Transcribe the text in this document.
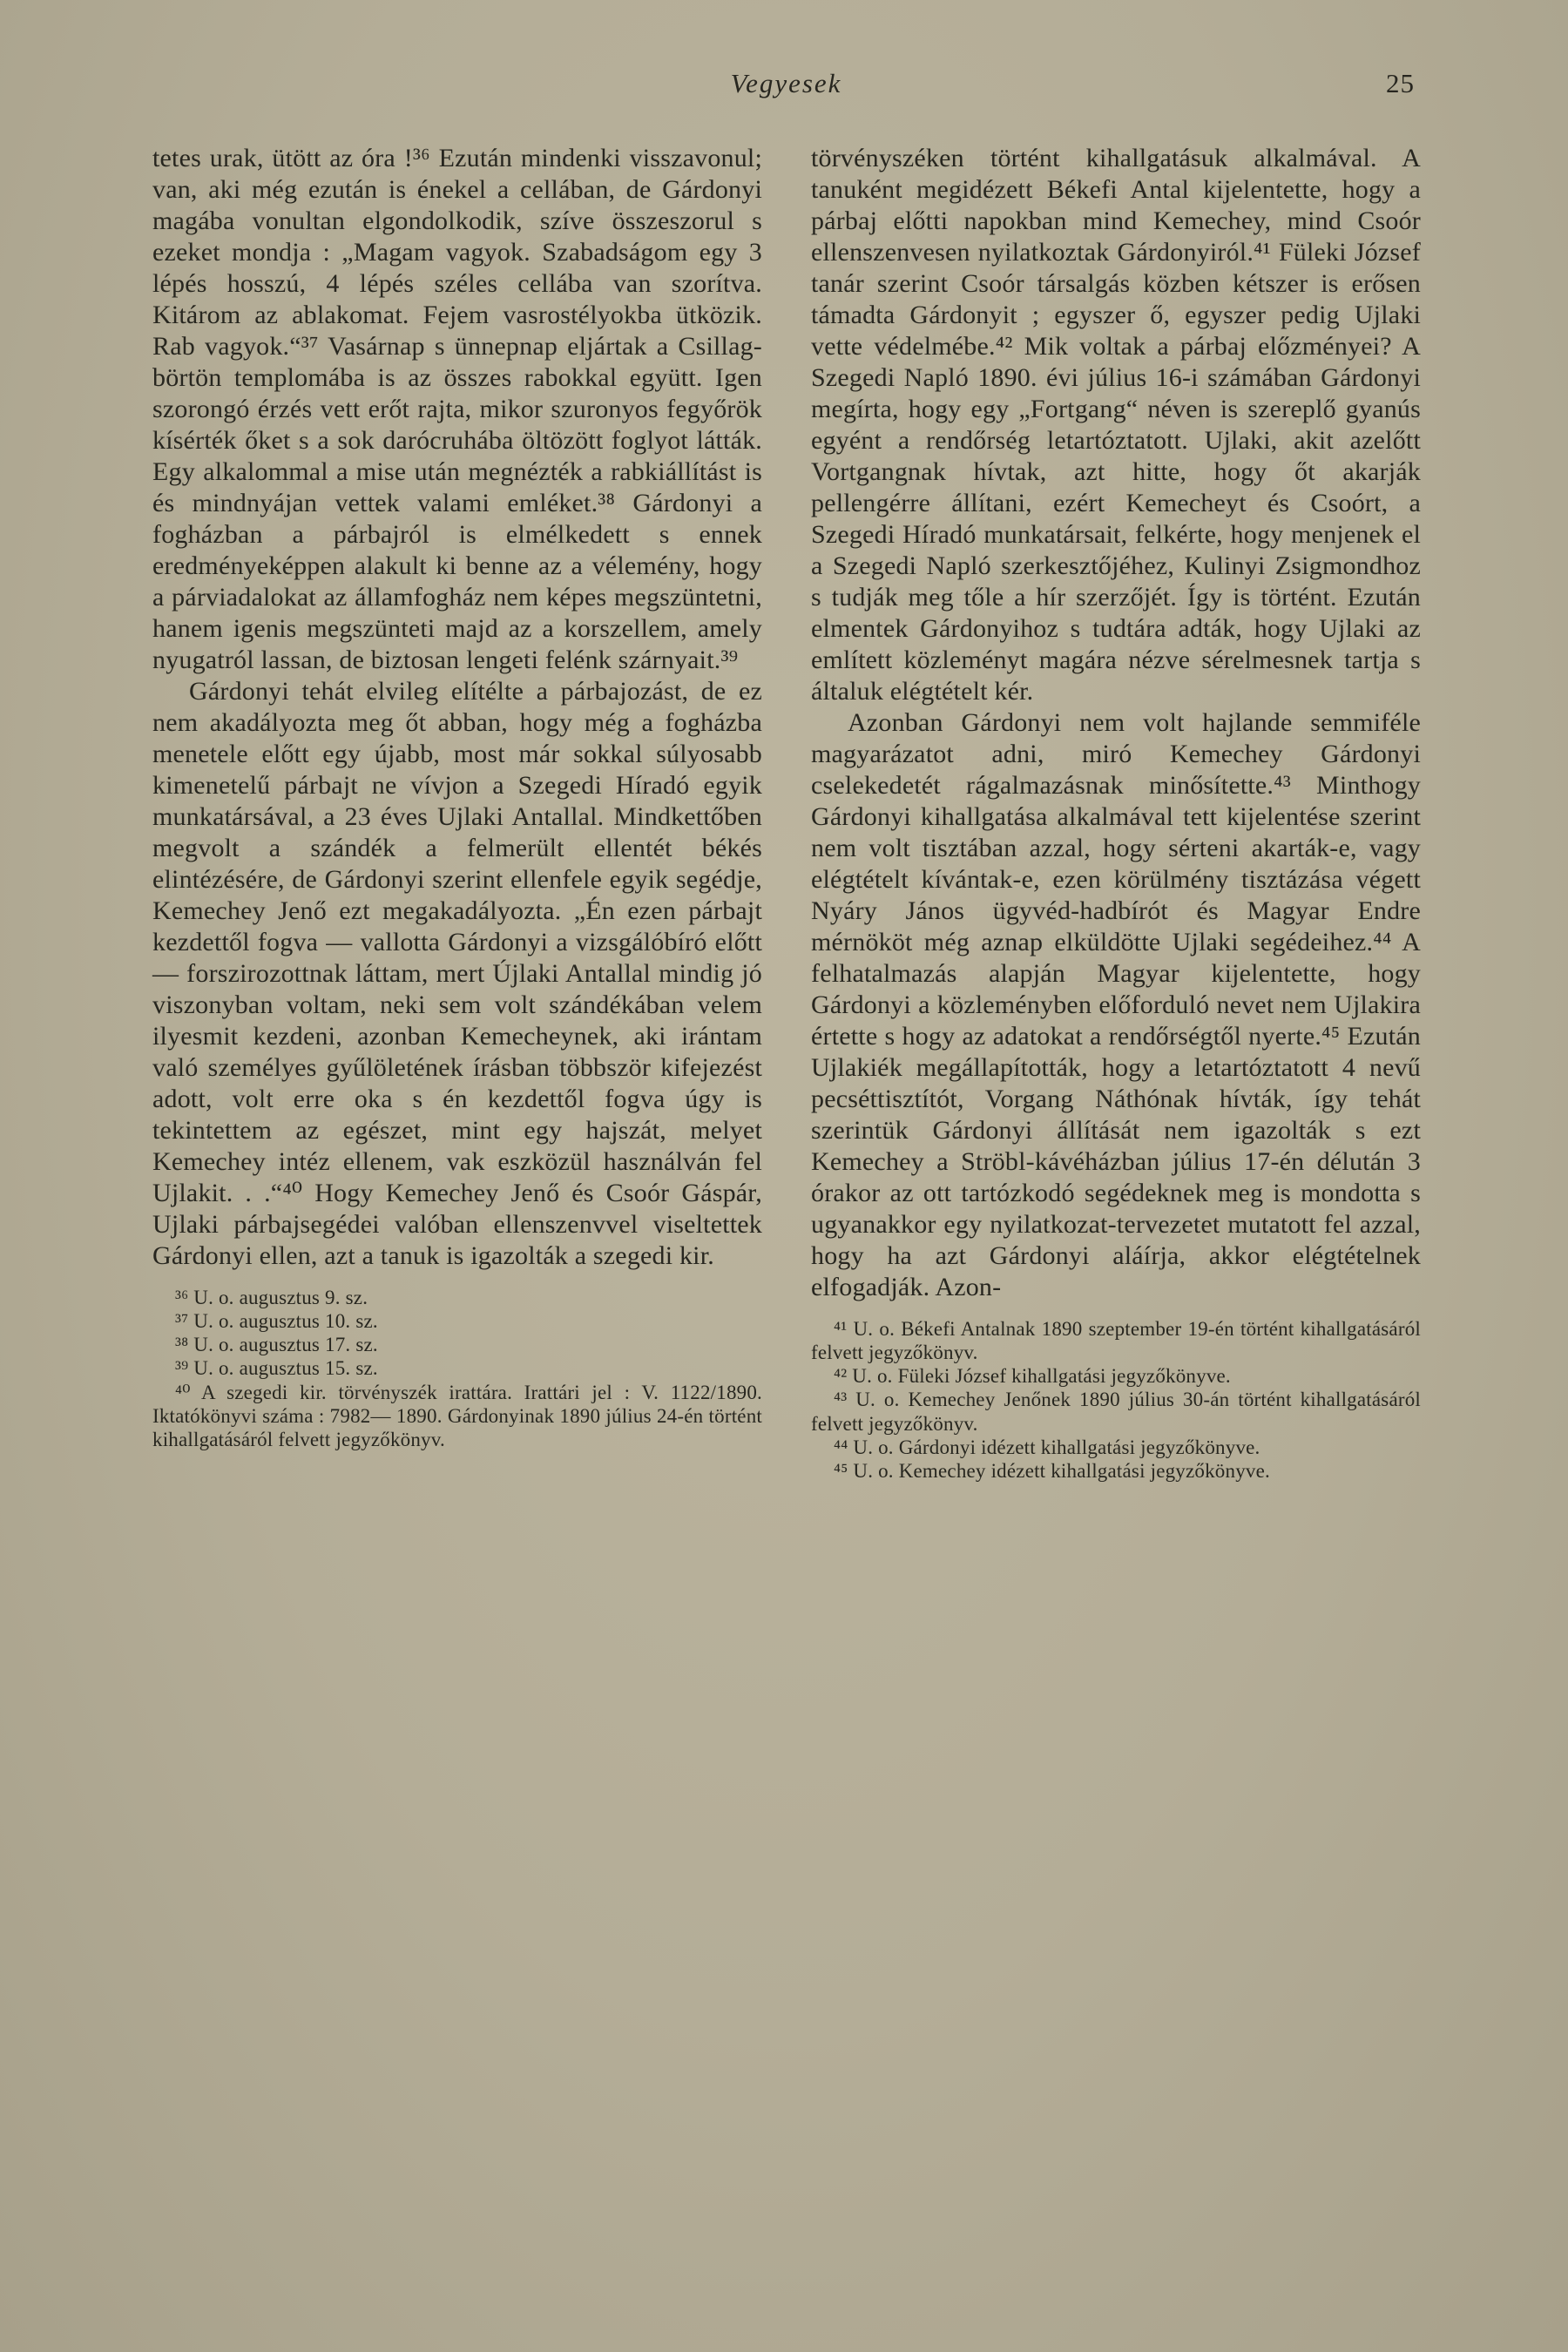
Vegyesek	25

tetes urak, ütött az óra !³⁶ Ezután mindenki visszavonul; van, aki még ezután is énekel a cellában, de Gárdonyi magába vonultan elgondolkodik, szíve összeszorul s ezeket mondja : „Magam vagyok. Szabadságom egy 3 lépés hosszú, 4 lépés széles cellába van szorítva. Kitárom az ablakomat. Fejem vasrostélyokba ütközik. Rab vagyok.“³⁷ Vasárnap s ünnepnap eljártak a Csillag-börtön templomába is az összes rabokkal együtt. Igen szorongó érzés vett erőt rajta, mikor szuronyos fegyőrök kísérték őket s a sok darócruhába öltözött foglyot látták. Egy alkalommal a mise után megnézték a rabkiállítást is és mindnyájan vettek valami emléket.³⁸ Gárdonyi a fogházban a párbajról is elmélkedett s ennek eredményeképpen alakult ki benne az a vélemény, hogy a párviadalokat az államfogház nem képes megszüntetni, hanem igenis megszünteti majd az a korszellem, amely nyugatról lassan, de biztosan lengeti felénk szárnyait.³⁹

Gárdonyi tehát elvileg elítélte a párbajozást, de ez nem akadályozta meg őt abban, hogy még a fogházba menetele előtt egy újabb, most már sokkal súlyosabb kimenetelű párbajt ne vívjon a Szegedi Híradó egyik munkatársával, a 23 éves Ujlaki Antallal. Mindkettőben megvolt a szándék a felmerült ellentét békés elintézésére, de Gárdonyi szerint ellenfele egyik segédje, Kemechey Jenő ezt megakadályozta. „Én ezen párbajt kezdettől fogva — vallotta Gárdonyi a vizsgálóbíró előtt — forszirozottnak láttam, mert Újlaki Antallal mindig jó viszonyban voltam, neki sem volt szándékában velem ilyesmit kezdeni, azonban Kemecheynek, aki irántam való személyes gyűlöletének írásban többször kifejezést adott, volt erre oka s én kezdettől fogva úgy is tekintettem az egészet, mint egy hajszát, melyet Kemechey intéz ellenem, vak eszközül használván fel Ujlakit. . .“⁴⁰ Hogy Kemechey Jenő és Csoór Gáspár, Ujlaki párbajsegédei valóban ellenszenvvel viseltettek Gárdonyi ellen, azt a tanuk is igazolták a szegedi kir.

³⁶ U. o. augusztus 9. sz.

³⁷ U. o. augusztus 10. sz.

³⁸ U. o. augusztus 17. sz.

³⁹ U. o. augusztus 15. sz.

⁴⁰ A szegedi kir. törvényszék irattára. Irattári jel : V. 1122/1890. Iktatókönyvi száma : 7982— 1890. Gárdonyinak 1890 július 24-én történt kihallgatásáról felvett jegyzőkönyv.

törvényszéken történt kihallgatásuk alkalmával. A tanuként megidézett Békefi Antal kijelentette, hogy a párbaj előtti napokban mind Kemechey, mind Csoór ellenszenvesen nyilatkoztak Gárdonyiról.⁴¹ Füleki József tanár szerint Csoór társalgás közben kétszer is erősen támadta Gárdonyit ; egyszer ő, egyszer pedig Ujlaki vette védelmébe.⁴² Mik voltak a párbaj előzményei? A Szegedi Napló 1890. évi július 16-i számában Gárdonyi megírta, hogy egy „Fortgang“ néven is szereplő gyanús egyént a rendőrség letartóztatott. Ujlaki, akit azelőtt Vortgangnak hívtak, azt hitte, hogy őt akarják pellengérre állítani, ezért Kemecheyt és Csoórt, a Szegedi Híradó munkatársait, felkérte, hogy menjenek el a Szegedi Napló szerkesztőjéhez, Kulinyi Zsigmondhoz s tudják meg tőle a hír szerzőjét. Így is történt. Ezután elmentek Gárdonyihoz s tudtára adták, hogy Ujlaki az említett közleményt magára nézve sérelmesnek tartja s általuk elégtételt kér.

Azonban Gárdonyi nem volt hajlande semmiféle magyarázatot adni, miró Kemechey Gárdonyi cselekedetét rágalmazásnak minősítette.⁴³ Minthogy Gárdonyi kihallgatása alkalmával tett kijelentése szerint nem volt tisztában azzal, hogy sérteni akarták-e, vagy elégtételt kívántak-e, ezen körülmény tisztázása végett Nyáry János ügyvéd-hadbírót és Magyar Endre mérnököt még aznap elküldötte Ujlaki segédeihez.⁴⁴ A felhatalmazás alapján Magyar kijelentette, hogy Gárdonyi a közleményben előforduló nevet nem Ujlakira értette s hogy az adatokat a rendőrségtől nyerte.⁴⁵ Ezután Ujlakiék megállapították, hogy a letartóztatott 4 nevű pecséttisztítót, Vorgang Náthónak hívták, így tehát szerintük Gárdonyi állítását nem igazolták s ezt Kemechey a Ströbl-kávéházban július 17-én délután 3 órakor az ott tartózkodó segédeknek meg is mondotta s ugyanakkor egy nyilatkozat-tervezetet mutatott fel azzal, hogy ha azt Gárdonyi aláírja, akkor elégtételnek elfogadják. Azon-

⁴¹ U. o. Békefi Antalnak 1890 szeptember 19-én történt kihallgatásáról felvett jegyzőkönyv.

⁴² U. o. Füleki József kihallgatási jegyzőkönyve.

⁴³ U. o. Kemechey Jenőnek 1890 július 30-án történt kihallgatásáról felvett jegyzőkönyv.

⁴⁴ U. o. Gárdonyi idézett kihallgatási jegyzőkönyve.

⁴⁵ U. o. Kemechey idézett kihallgatási jegyzőkönyve.
